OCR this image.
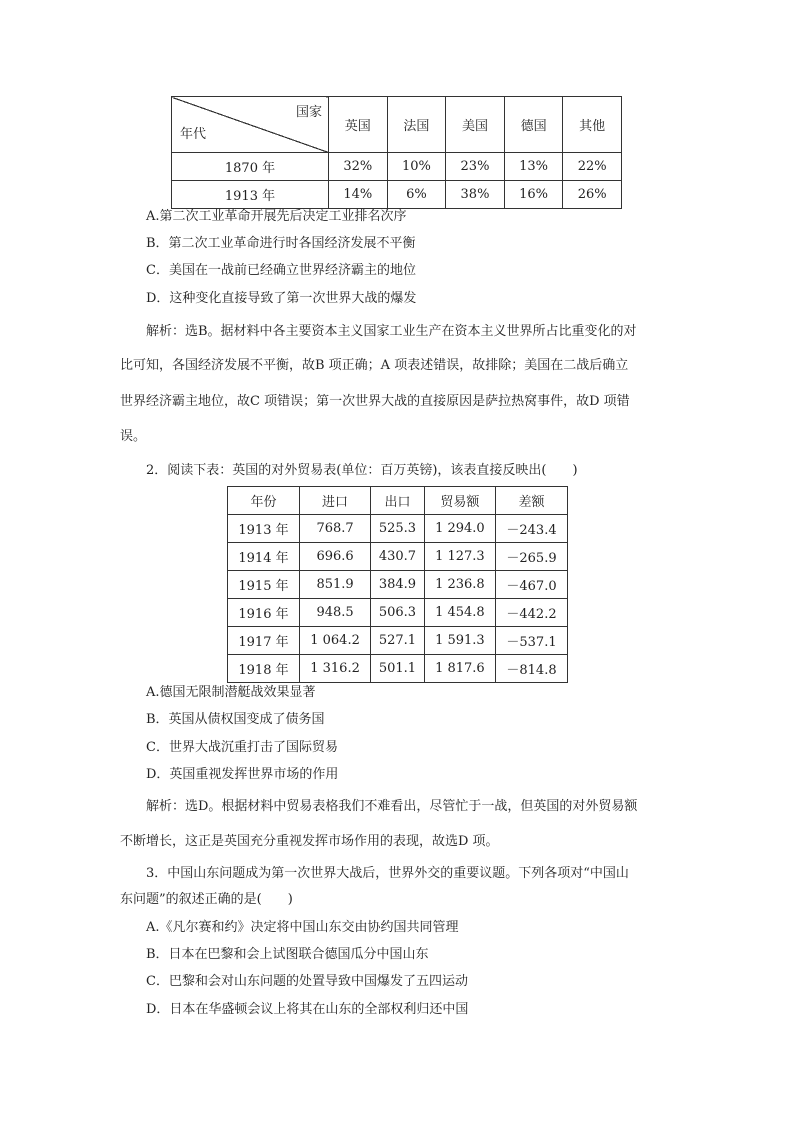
国家
年代	英国	法国	美国	德国	其他
1870 年	32%	10%	23%	13%	22%
1913 年	14%	6%	38%	16%	26%
A.第二次工业革命开展先后决定工业排名次序
B．第二次工业革命进行时各国经济发展不平衡
C．美国在一战前已经确立世界经济霸主的地位
D．这种变化直接导致了第一次世界大战的爆发
解析：选B。据材料中各主要资本主义国家工业生产在资本主义世界所占比重变化的对
比可知，各国经济发展不平衡，故B 项正确；A 项表述错误，故排除；美国在二战后确立
世界经济霸主地位，故C 项错误；第一次世界大战的直接原因是萨拉热窝事件，故D 项错
误。
2．阅读下表：英国的对外贸易表(单位：百万英镑)，该表直接反映出(　　)
年份	进口	出口	贸易额	差额
1913 年	768.7	525.3	1 294.0	－243.4
1914 年	696.6	430.7	1 127.3	－265.9
1915 年	851.9	384.9	1 236.8	－467.0
1916 年	948.5	506.3	1 454.8	－442.2
1917 年	1 064.2	527.1	1 591.3	－537.1
1918 年	1 316.2	501.1	1 817.6	－814.8
A.德国无限制潜艇战效果显著
B．英国从债权国变成了债务国
C．世界大战沉重打击了国际贸易
D．英国重视发挥世界市场的作用
解析：选D。根据材料中贸易表格我们不难看出，尽管忙于一战，但英国的对外贸易额
不断增长，这正是英国充分重视发挥市场作用的表现，故选D 项。
3．中国山东问题成为第一次世界大战后，世界外交的重要议题。下列各项对“中国山
东问题”的叙述正确的是(　　)
A.《凡尔赛和约》决定将中国山东交由协约国共同管理
B．日本在巴黎和会上试图联合德国瓜分中国山东
C．巴黎和会对山东问题的处置导致中国爆发了五四运动
D．日本在华盛顿会议上将其在山东的全部权利归还中国
